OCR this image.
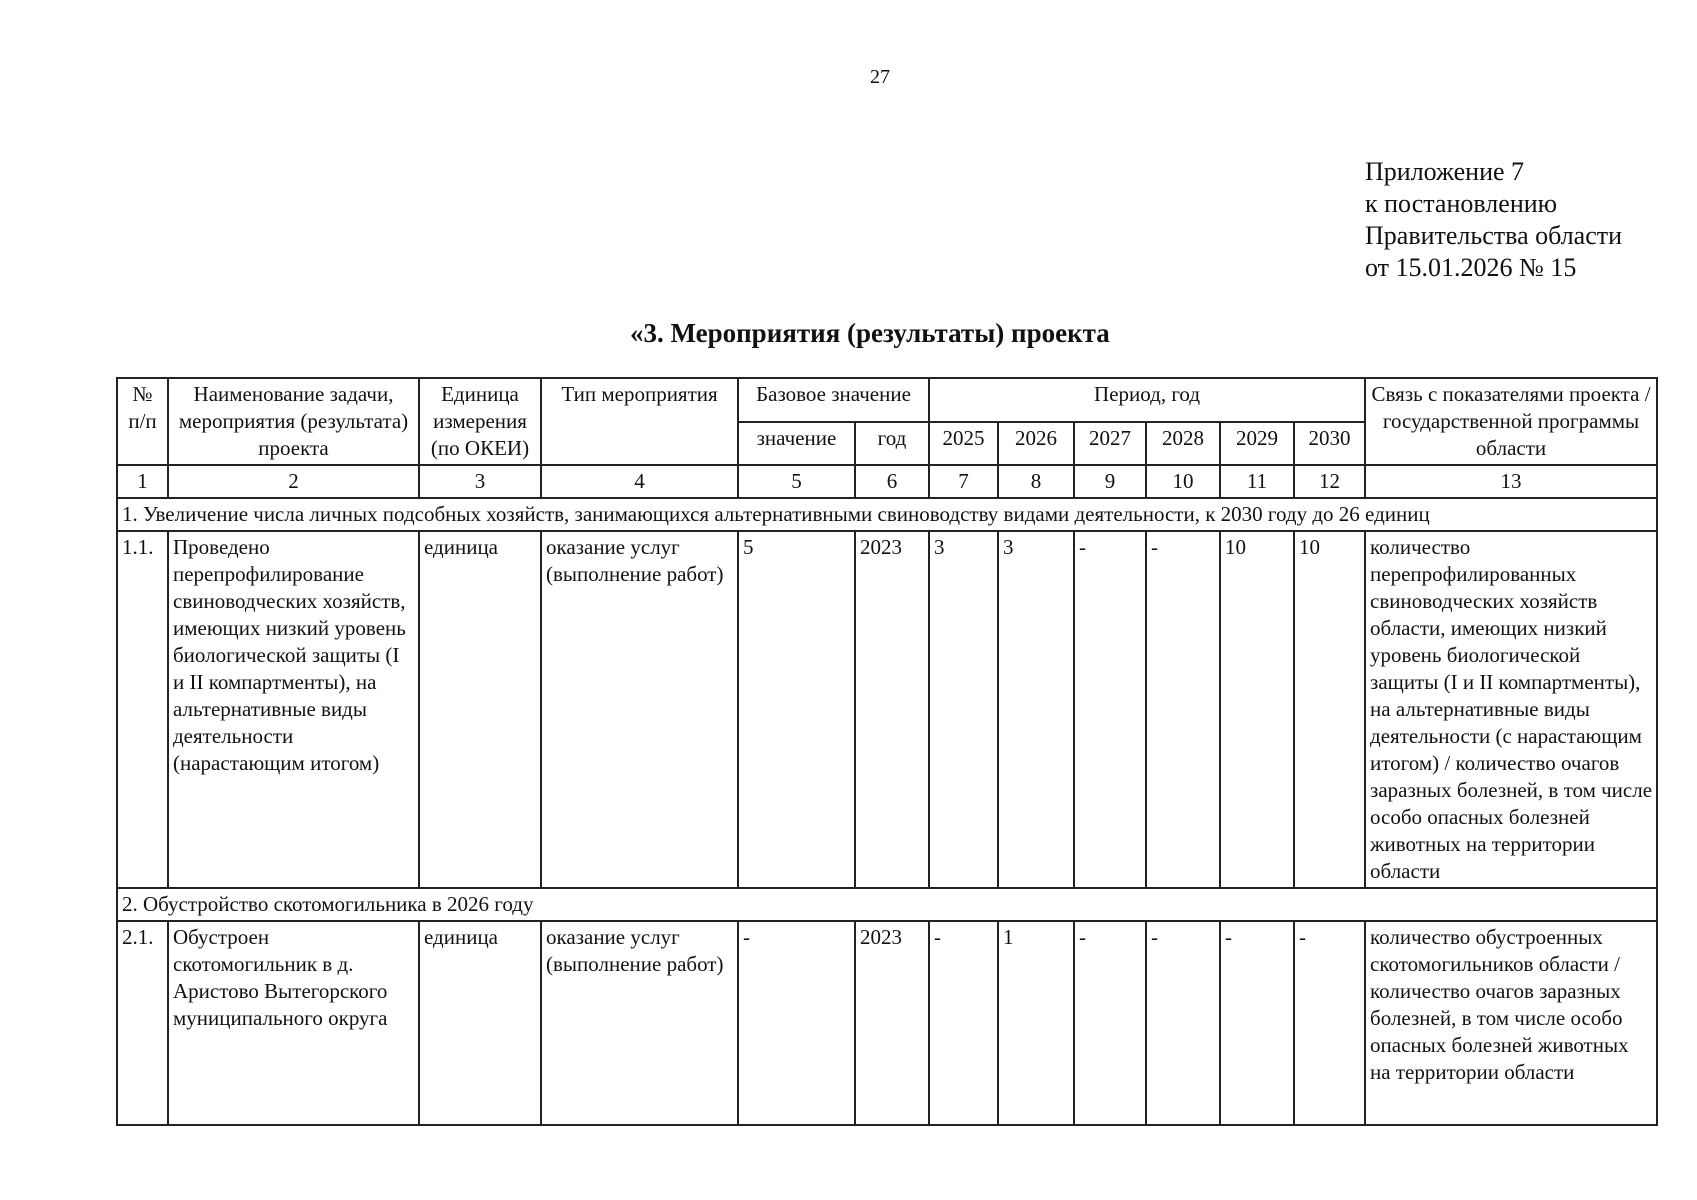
27
Приложение 7
к постановлению
Правительства области
от 15.01.2026 № 15
«3. Мероприятия (результаты) проекта
№ п/п	Наименование задачи, мероприятия (результата) проекта	Единица измерения (по ОКЕИ)	Тип мероприятия	Базовое значение		Период, год						Связь с показателями проекта / государственной программы области
				значение	год	2025	2026	2027	2028	2029	2030	
1	2	3	4	5	6	7	8	9	10	11	12	13
1. Увеличение числа личных подсобных хозяйств, занимающихся альтернативными свиноводству видами деятельности, к 2030 году до 26 единиц												
1.1.	Проведено перепрофилирование свиноводческих хозяйств, имеющих низкий уровень биологической защиты (I и II компартменты), на альтернативные виды деятельности (нарастающим итогом)	единица	оказание услуг (выполнение работ)	5	2023	3	3	-	-	10	10	количество перепрофилированных свиноводческих хозяйств области, имеющих низкий уровень биологической защиты (I и II компартменты), на альтернативные виды деятельности (с нарастающим итогом) / количество очагов заразных болезней, в том числе особо опасных болезней животных на территории области
2. Обустройство скотомогильника в 2026 году												
2.1.	Обустроен скотомогильник в д. Аристово Вытегорского муниципального округа	единица	оказание услуг (выполнение работ)	-	2023	-	1	-	-	-	-	количество обустроенных скотомогильников области / количество очагов заразных болезней, в том числе особо опасных болезней животных на территории области
